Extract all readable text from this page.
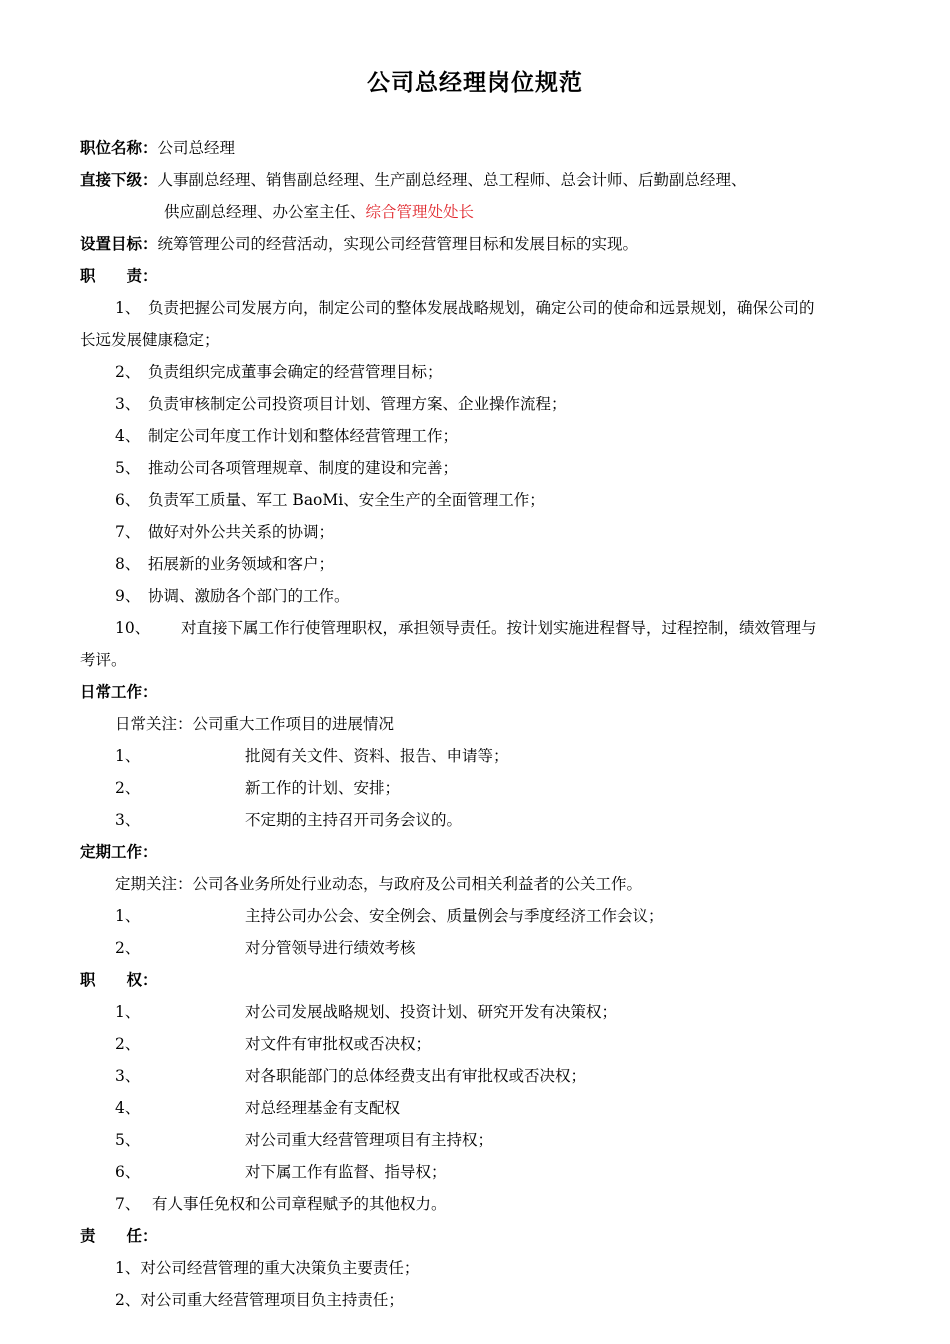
公司总经理岗位规范
职位名称：公司总经理
直接下级：人事副总经理、销售副总经理、生产副总经理、总工程师、总会计师、后勤副总经理、
供应副总经理、办公室主任、综合管理处处长
设置目标：统筹管理公司的经营活动，实现公司经营管理目标和发展目标的实现。
职　　责：
1、 负责把握公司发展方向，制定公司的整体发展战略规划，确定公司的使命和远景规划，确保公司的
长远发展健康稳定；
2、 负责组织完成董事会确定的经营管理目标；
3、 负责审核制定公司投资项目计划、管理方案、企业操作流程；
4、 制定公司年度工作计划和整体经营管理工作；
5、 推动公司各项管理规章、制度的建设和完善；
6、 负责军工质量、军工 BaoMi、安全生产的全面管理工作；
7、 做好对外公共关系的协调；
8、 拓展新的业务领域和客户；
9、 协调、激励各个部门的工作。
10、 对直接下属工作行使管理职权，承担领导责任。按计划实施进程督导，过程控制，绩效管理与
考评。
日常工作：
日常关注：公司重大工作项目的进展情况
1、	批阅有关文件、资料、报告、申请等；
2、	新工作的计划、安排；
3、	不定期的主持召开司务会议的。
定期工作：
定期关注：公司各业务所处行业动态，与政府及公司相关利益者的公关工作。
1、	主持公司办公会、安全例会、质量例会与季度经济工作会议；
2、	对分管领导进行绩效考核
职　　权：
1、	对公司发展战略规划、投资计划、研究开发有决策权；
2、	对文件有审批权或否决权；
3、	对各职能部门的总体经费支出有审批权或否决权；
4、	对总经理基金有支配权
5、	对公司重大经营管理项目有主持权；
6、	对下属工作有监督、指导权；
7、 有人事任免权和公司章程赋予的其他权力。
责　　任：
1、对公司经营管理的重大决策负主要责任；
2、对公司重大经营管理项目负主持责任；
